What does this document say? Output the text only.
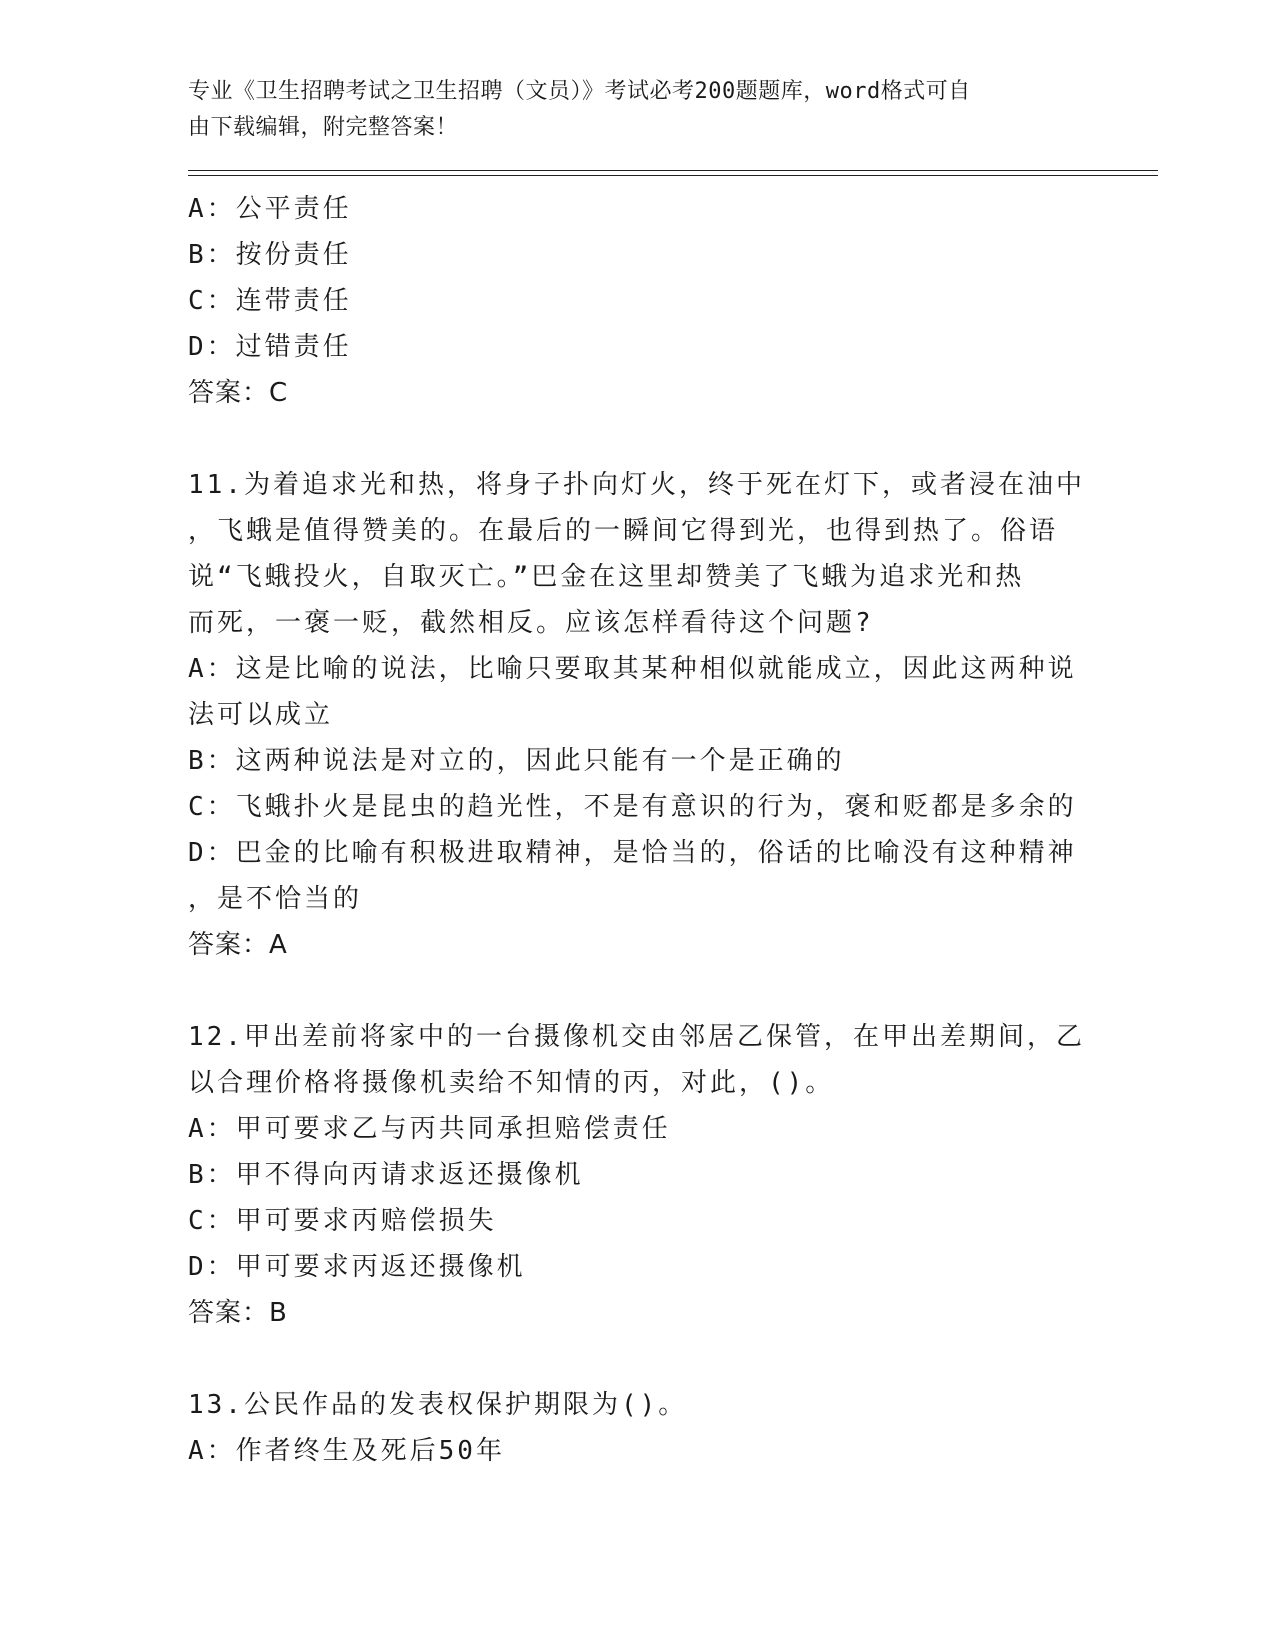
专业《卫生招聘考试之卫生招聘（文员）》考试必考200题题库，word格式可自
由下载编辑，附完整答案！
A：公平责任
B：按份责任
C：连带责任
D：过错责任
答案：C
11.为着追求光和热，将身子扑向灯火，终于死在灯下，或者浸在油中
，飞蛾是值得赞美的。在最后的一瞬间它得到光，也得到热了。俗语
说“飞蛾投火，自取灭亡。”巴金在这里却赞美了飞蛾为追求光和热
而死，一褒一贬，截然相反。应该怎样看待这个问题?
A：这是比喻的说法，比喻只要取其某种相似就能成立，因此这两种说
法可以成立
B：这两种说法是对立的，因此只能有一个是正确的
C：飞蛾扑火是昆虫的趋光性，不是有意识的行为，褒和贬都是多余的
D：巴金的比喻有积极进取精神，是恰当的，俗话的比喻没有这种精神
，是不恰当的
答案：A
12.甲出差前将家中的一台摄像机交由邻居乙保管，在甲出差期间，乙
以合理价格将摄像机卖给不知情的丙，对此，()。
A：甲可要求乙与丙共同承担赔偿责任
B：甲不得向丙请求返还摄像机
C：甲可要求丙赔偿损失
D：甲可要求丙返还摄像机
答案：B
13.公民作品的发表权保护期限为()。
A：作者终生及死后50年
